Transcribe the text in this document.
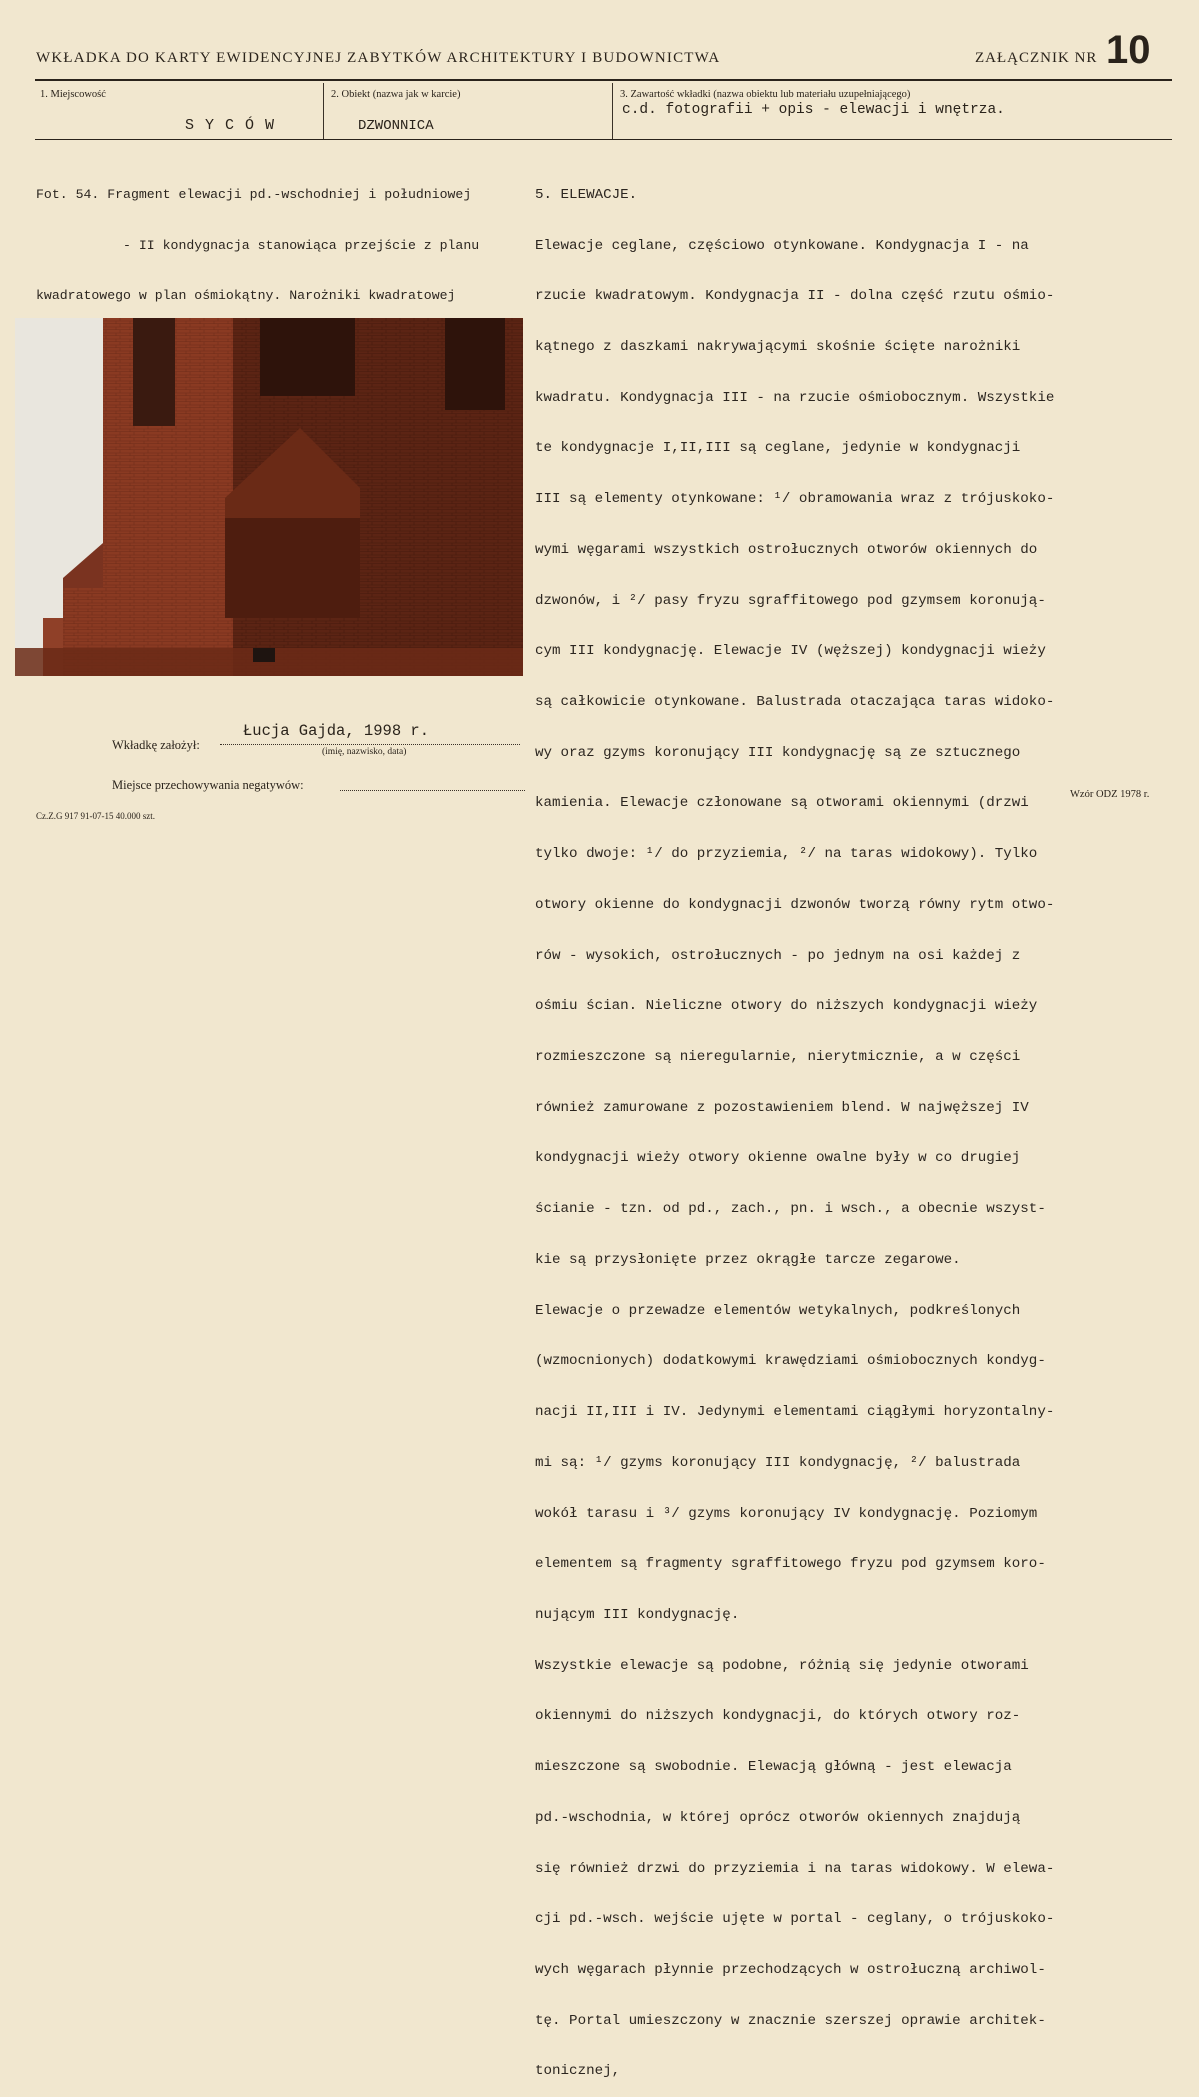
WKŁADKA DO KARTY EWIDENCYJNEJ ZABYTKÓW ARCHITEKTURY I BUDOWNICTWA	ZAŁĄCZNIK NR 10
1. Miejscowość
S Y C Ó W
2. Obiekt (nazwa jak w karcie)
DZWONNICA
3. Zawartość wkładki (nazwa obiektu lub materiału uzupełniającego)
c.d. fotografii + opis - elewacji i wnętrza.

Fot. 54. Fragment elewacji pd.-wschodniej i południowej

- II kondygnacja stanowiąca przejście z planu

kwadratowego w plan ośmiokątny. Narożniki kwadratowej

5. ELEWACJE.

Elewacje ceglane, częściowo otynkowane. Kondygnacja I - na

rzucie kwadratowym. Kondygnacja II - dolna część rzutu ośmio-

kątnego z daszkami nakrywającymi skośnie ścięte narożniki

kwadratu. Kondygnacja III - na rzucie ośmiobocznym. Wszystkie

te kondygnacje I,II,III są ceglane, jedynie w kondygnacji

III są elementy otynkowane: ¹/ obramowania wraz z trójuskoko-

wymi węgarami wszystkich ostrołucznych otworów okiennych do

dzwonów, i ²/ pasy fryzu sgraffitowego pod gzymsem koronują-

cym III kondygnację. Elewacje IV (węższej) kondygnacji wieży

są całkowicie otynkowane. Balustrada otaczająca taras widoko-

wy oraz gzyms koronujący III kondygnację są ze sztucznego

kamienia. Elewacje członowane są otworami okiennymi (drzwi

tylko dwoje: ¹/ do przyziemia, ²/ na taras widokowy). Tylko

otwory okienne do kondygnacji dzwonów tworzą równy rytm otwo-

rów - wysokich, ostrołucznych - po jednym na osi każdej z

ośmiu ścian. Nieliczne otwory do niższych kondygnacji wieży

rozmieszczone są nieregularnie, nierytmicznie, a w części

również zamurowane z pozostawieniem blend. W najwęższej IV

kondygnacji wieży otwory okienne owalne były w co drugiej

ścianie - tzn. od pd., zach., pn. i wsch., a obecnie wszyst-

kie są przysłonięte przez okrągłe tarcze zegarowe.

Elewacje o przewadze elementów wetykalnych, podkreślonych

(wzmocnionych) dodatkowymi krawędziami ośmiobocznych kondyg-

nacji II,III i IV. Jedynymi elementami ciągłymi horyzontalny-

mi są: ¹/ gzyms koronujący III kondygnację, ²/ balustrada

wokół tarasu i ³/ gzyms koronujący IV kondygnację. Poziomym

elementem są fragmenty sgraffitowego fryzu pod gzymsem koro-

nującym III kondygnację.

Wszystkie elewacje są podobne, różnią się jedynie otworami

okiennymi do niższych kondygnacji, do których otwory roz-

mieszczone są swobodnie. Elewacją główną - jest elewacja

pd.-wschodnia, w której oprócz otworów okiennych znajdują

się również drzwi do przyziemia i na taras widokowy. W elewa-

cji pd.-wsch. wejście ujęte w portal - ceglany, o trójuskoko-

wych węgarach płynnie przechodzących w ostrołuczną archiwol-

tę. Portal umieszczony w znacznie szerszej oprawie architek-

tonicznej,

Wkładkę założył:
Łucja Gajda, 1998 r.
(imię, nazwisko, data)
Miejsce przechowywania negatywów:
Cz.Z.G 917 91-07-15 40.000 szt.
Wzór ODZ 1978 r.
